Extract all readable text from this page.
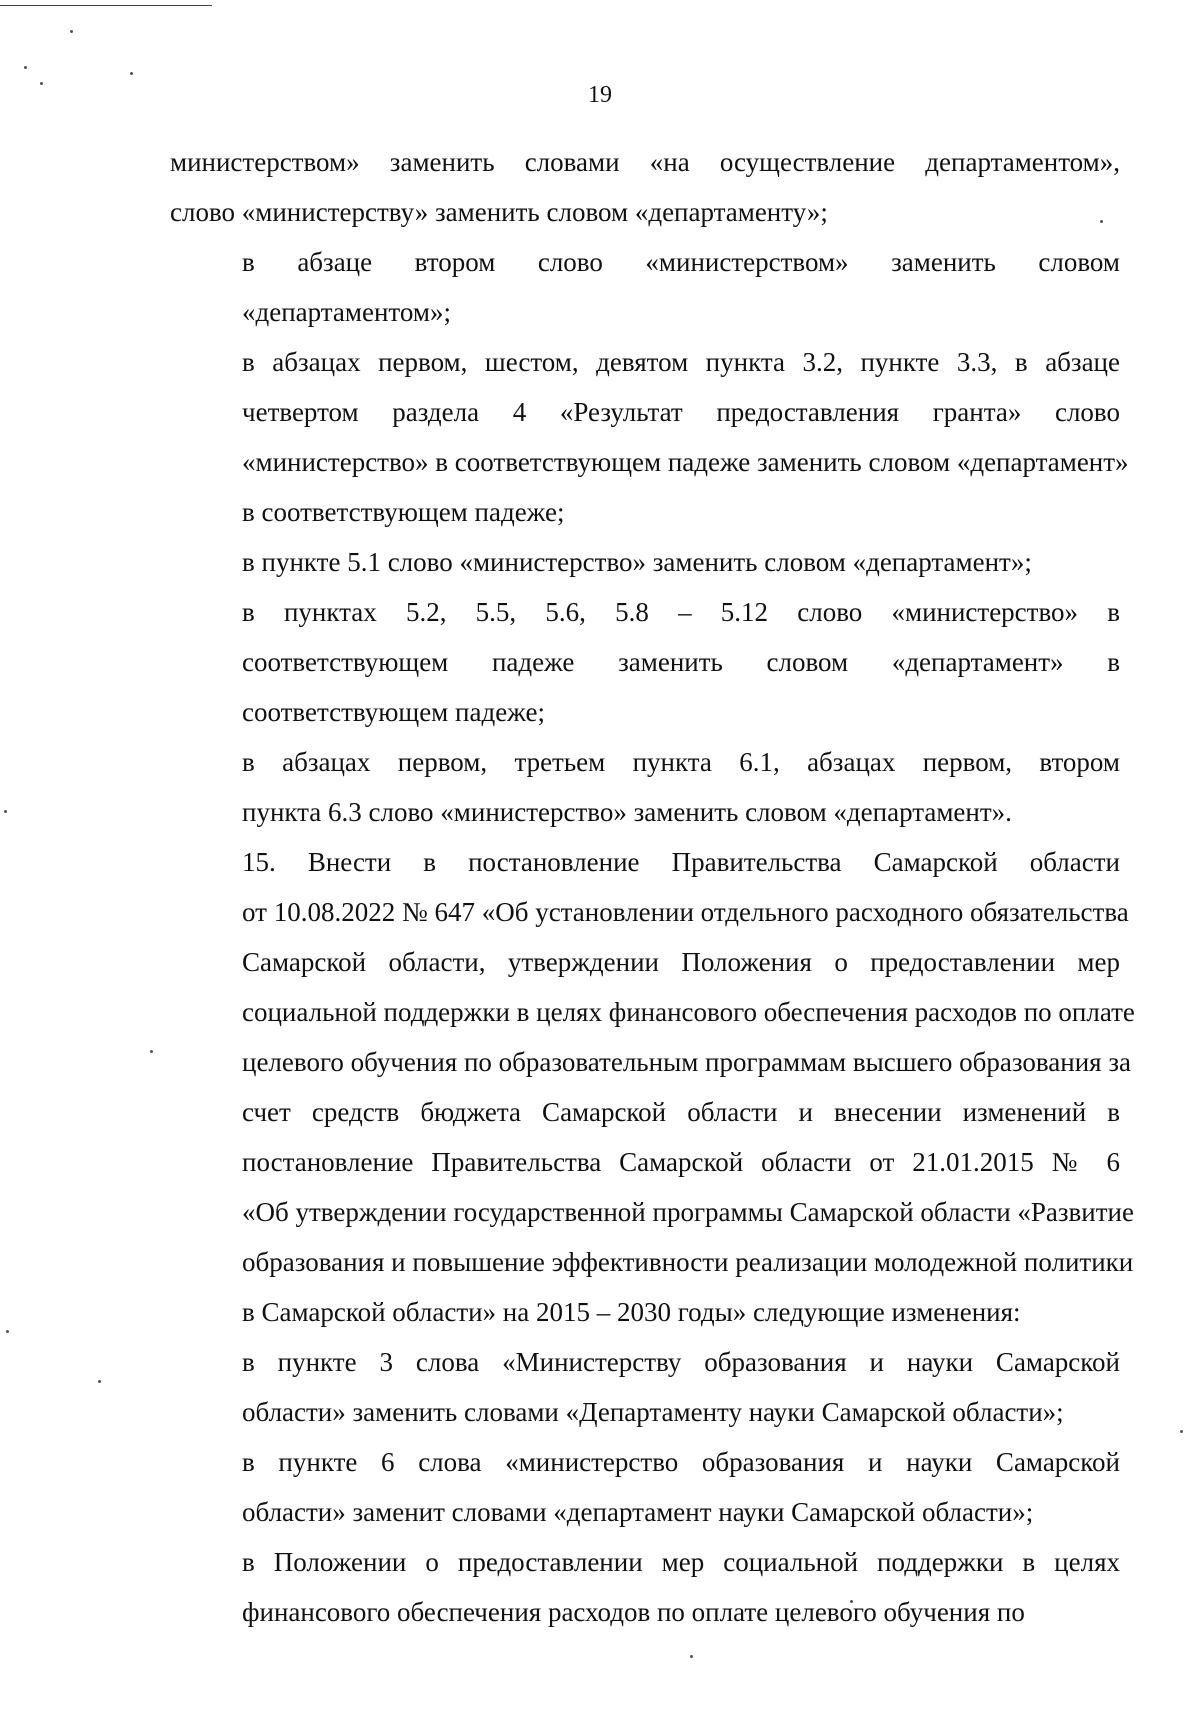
19
министерством» заменить словами «на осуществление департаментом»,
слово «министерству» заменить словом «департаменту»;
в абзаце втором слово «министерством» заменить словом
«департаментом»;
в абзацах первом, шестом, девятом пункта 3.2, пункте 3.3, в абзаце
четвертом раздела 4 «Результат предоставления гранта» слово
«министерство» в соответствующем падеже заменить словом «департамент»
в соответствующем падеже;
в пункте 5.1 слово «министерство» заменить словом «департамент»;
в пунктах 5.2, 5.5, 5.6, 5.8 – 5.12 слово «министерство» в
соответствующем падеже заменить словом «департамент» в
соответствующем падеже;
в абзацах первом, третьем пункта 6.1, абзацах первом, втором
пункта 6.3 слово «министерство» заменить словом «департамент».
15. Внести в постановление Правительства Самарской области
от 10.08.2022 № 647 «Об установлении отдельного расходного обязательства
Самарской области, утверждении Положения о предоставлении мер
социальной поддержки в целях финансового обеспечения расходов по оплате
целевого обучения по образовательным программам высшего образования за
счет средств бюджета Самарской области и внесении изменений в
постановление Правительства Самарской области от 21.01.2015 № 6
«Об утверждении государственной программы Самарской области «Развитие
образования и повышение эффективности реализации молодежной политики
в Самарской области» на 2015 – 2030 годы» следующие изменения:
в пункте 3 слова «Министерству образования и науки Самарской
области» заменить словами «Департаменту науки Самарской области»;
в пункте 6 слова «министерство образования и науки Самарской
области» заменит словами «департамент науки Самарской области»;
в Положении о предоставлении мер социальной поддержки в целях
финансового обеспечения расходов по оплате целевого обучения по
